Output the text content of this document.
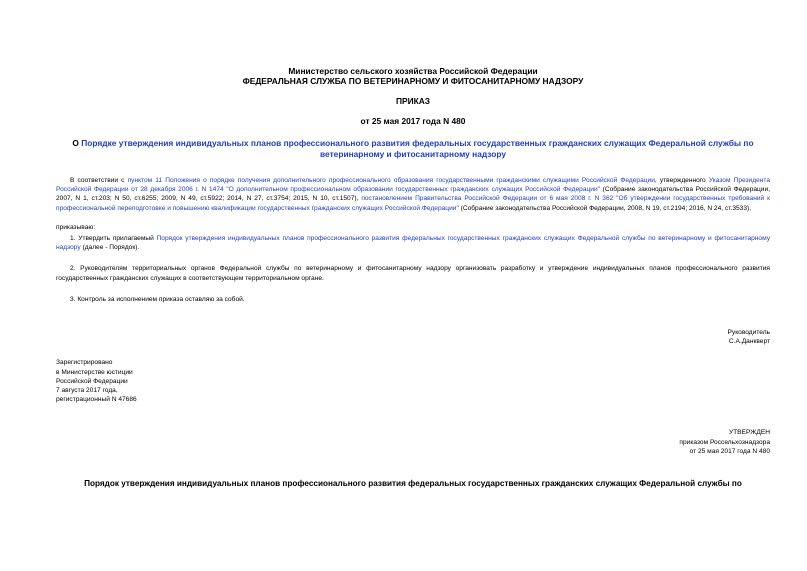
Министерство сельского хозяйства Российской Федерации
ФЕДЕРАЛЬНАЯ СЛУЖБА ПО ВЕТЕРИНАРНОМУ И ФИТОСАНИТАРНОМУ НАДЗОРУ
ПРИКАЗ
от 25 мая 2017 года N 480
О Порядке утверждения индивидуальных планов профессионального развития федеральных государственных гражданских служащих Федеральной службы по ветеринарному и фитосанитарному надзору

В соответствии с пунктом 11 Положения о порядке получения дополнительного профессионального образования государственными гражданскими служащими Российской Федерации, утвержденного Указом Президента Российской Федерации от 28 декабря 2006 г. N 1474 "О дополнительном профессиональном образовании государственных гражданских служащих Российской Федерации" (Собрание законодательства Российской Федерации, 2007, N 1, ст.203; N 50, ст.6255; 2009, N 49, ст.5922; 2014, N 27, ст.3754; 2015, N 10, ст.1507), постановлением Правительства Российской Федерации от 6 мая 2008 г. N 362 "Об утверждении государственных требований к профессиональной переподготовке и повышению квалификации государственных гражданских служащих Российской Федерации" (Собрание законодательства Российской Федерации, 2008, N 19, ст.2194; 2016, N 24, ст.3533),

приказываю:

1. Утвердить прилагаемый Порядок утверждения индивидуальных планов профессионального развития федеральных государственных гражданских служащих Федеральной службы по ветеринарному и фитосанитарному надзору (далее - Порядок).

2. Руководителям территориальных органов Федеральной службы по ветеринарному и фитосанитарному надзору организовать разработку и утверждение индивидуальных планов профессионального развития государственных гражданских служащих в соответствующем территориальном органе.

3. Контроль за исполнением приказа оставляю за собой.

Руководитель
С.А.Данкверт
Зарегистрировано
в Министерстве юстиции
Российской Федерации
7 августа 2017 года,
регистрационный N 47686
УТВЕРЖДЕН
приказом Россельхознадзора
от 25 мая 2017 года N 480
Порядок утверждения индивидуальных планов профессионального развития федеральных государственных гражданских служащих Федеральной службы по
